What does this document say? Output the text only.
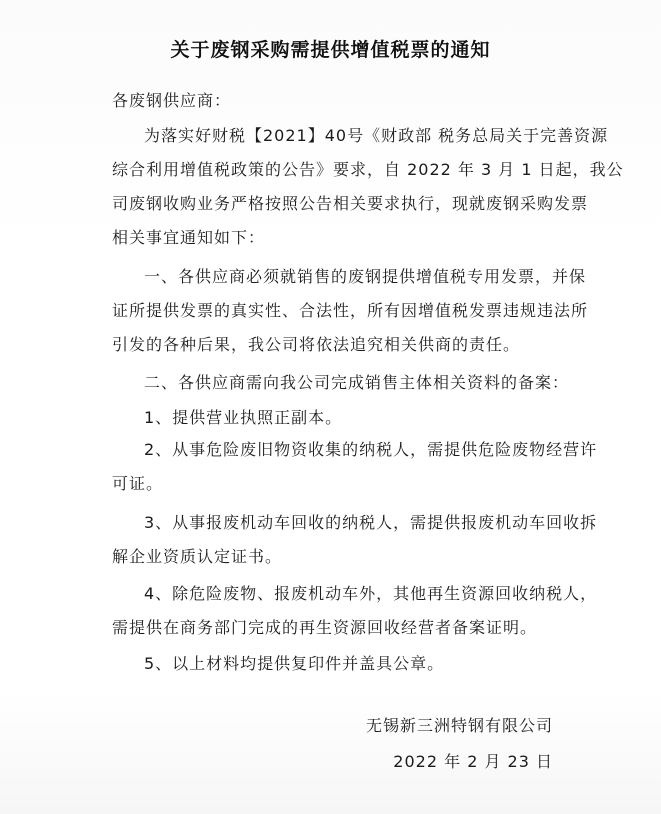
关于废钢采购需提供增值税票的通知
各废钢供应商：
为落实好财税【2021】40号《财政部 税务总局关于完善资源
综合利用增值税政策的公告》要求，自 2022 年 3 月 1 日起，我公
司废钢收购业务严格按照公告相关要求执行，现就废钢采购发票
相关事宜通知如下：
一、各供应商必须就销售的废钢提供增值税专用发票，并保
证所提供发票的真实性、合法性，所有因增值税发票违规违法所
引发的各种后果，我公司将依法追究相关供商的责任。
二、各供应商需向我公司完成销售主体相关资料的备案：
1、提供营业执照正副本。
2、从事危险废旧物资收集的纳税人，需提供危险废物经营许
可证。
3、从事报废机动车回收的纳税人，需提供报废机动车回收拆
解企业资质认定证书。
4、除危险废物、报废机动车外，其他再生资源回收纳税人，
需提供在商务部门完成的再生资源回收经营者备案证明。
5、以上材料均提供复印件并盖具公章。
无锡新三洲特钢有限公司
2022 年 2 月 23 日
